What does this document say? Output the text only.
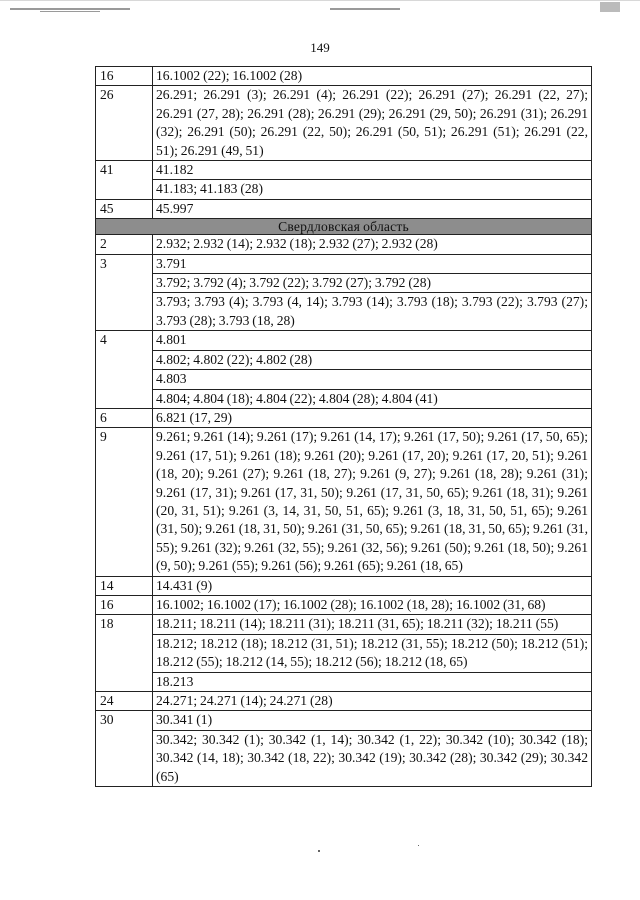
149
16	16.1002 (22); 16.1002 (28)
26	26.291; 26.291 (3); 26.291 (4); 26.291 (22); 26.291 (27); 26.291 (22, 27); 26.291 (27, 28); 26.291 (28); 26.291 (29); 26.291 (29, 50); 26.291 (31); 26.291 (32); 26.291 (50); 26.291 (22, 50); 26.291 (50, 51); 26.291 (51); 26.291 (22, 51); 26.291 (49, 51)
41	41.182
	41.183; 41.183 (28)
45	45.997
Свердловская область	
2	2.932; 2.932 (14); 2.932 (18); 2.932 (27); 2.932 (28)
3	3.791
	3.792; 3.792 (4); 3.792 (22); 3.792 (27); 3.792 (28)
	3.793; 3.793 (4); 3.793 (4, 14); 3.793 (14); 3.793 (18); 3.793 (22); 3.793 (27); 3.793 (28); 3.793 (18, 28)
4	4.801
	4.802; 4.802 (22); 4.802 (28)
	4.803
	4.804; 4.804 (18); 4.804 (22); 4.804 (28); 4.804 (41)
6	6.821 (17, 29)
9	9.261; 9.261 (14); 9.261 (17); 9.261 (14, 17); 9.261 (17, 50); 9.261 (17, 50, 65); 9.261 (17, 51); 9.261 (18); 9.261 (20); 9.261 (17, 20); 9.261 (17, 20, 51); 9.261 (18, 20); 9.261 (27); 9.261 (18, 27); 9.261 (9, 27); 9.261 (18, 28); 9.261 (31); 9.261 (17, 31); 9.261 (17, 31, 50); 9.261 (17, 31, 50, 65); 9.261 (18, 31); 9.261 (20, 31, 51); 9.261 (3, 14, 31, 50, 51, 65); 9.261 (3, 18, 31, 50, 51, 65); 9.261 (31, 50); 9.261 (18, 31, 50); 9.261 (31, 50, 65); 9.261 (18, 31, 50, 65); 9.261 (31, 55); 9.261 (32); 9.261 (32, 55); 9.261 (32, 56); 9.261 (50); 9.261 (18, 50); 9.261 (9, 50); 9.261 (55); 9.261 (56); 9.261 (65); 9.261 (18, 65)
14	14.431 (9)
16	16.1002; 16.1002 (17); 16.1002 (28); 16.1002 (18, 28); 16.1002 (31, 68)
18	18.211; 18.211 (14); 18.211 (31); 18.211 (31, 65); 18.211 (32); 18.211 (55)
	18.212; 18.212 (18); 18.212 (31, 51); 18.212 (31, 55); 18.212 (50); 18.212 (51); 18.212 (55); 18.212 (14, 55); 18.212 (56); 18.212 (18, 65)
	18.213
24	24.271; 24.271 (14); 24.271 (28)
30	30.341 (1)
	30.342; 30.342 (1); 30.342 (1, 14); 30.342 (1, 22); 30.342 (10); 30.342 (18); 30.342 (14, 18); 30.342 (18, 22); 30.342 (19); 30.342 (28); 30.342 (29); 30.342 (65)
